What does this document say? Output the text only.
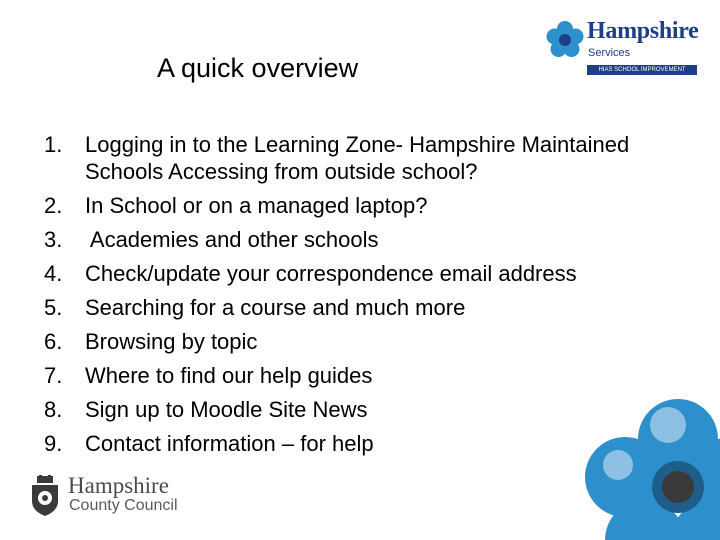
A quick overview
Hampshire
Services
HIAS SCHOOL IMPROVEMENT
1. Logging in to the Learning Zone- Hampshire Maintained Schools Accessing from outside school?
2. In School or on a managed laptop?
3. Academies and other schools
4. Check/update your correspondence email address
5. Searching for a course and much more
6. Browsing by topic
7. Where to find our help guides
8. Sign up to Moodle Site News
9. Contact information – for help
Hampshire
County Council
